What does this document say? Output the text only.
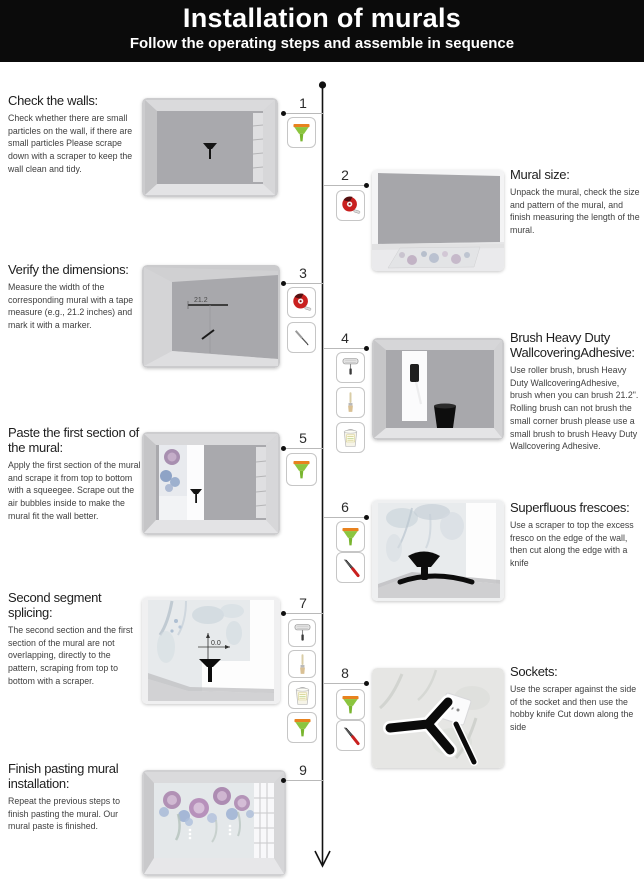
Installation of murals

Follow the operating steps and assemble in sequence

Check the walls:

Check whether there are small particles on the wall, if there are small particles Please scrape down with a scraper to keep the wall clean and tidy.

1
2	Mural size:

Unpack the mural, check the size and pattern of the mural, and finish measuring the length of the mural.

Verify the dimensions:

Measure the width of the corresponding mural with a tape measure (e.g., 21.2 inches) and mark it with a marker.

21.2
3
4	Brush Heavy Duty WallcoveringAdhesive:

Use roller brush, brush Heavy Duty WallcoveringAdhesive, brush when you can brush 21.2". Rolling brush can not brush the small corner brush please use a small brush to brush Heavy Duty Wallcovering Adhesive.

Paste the first section of the mural:

Apply the first section of the mural and scrape it from top to bottom with a squeegee. Scrape out the air bubbles inside to make the mural fit the wall better.

5
6	Superfluous frescoes:

Use a scraper to top the excess fresco on the edge of the wall, then cut along the edge with a knife

Second segment splicing:

The second section and the first section of the mural are not overlapping, directly to the pattern, scraping from top to bottom with a scraper.

0.0
7
8	Sockets:

Use the scraper against the side of the socket and then use the hobby knife Cut down along the side

Finish pasting mural installation:

Repeat the previous steps to finish pasting the mural. Our mural paste is finished.

9
